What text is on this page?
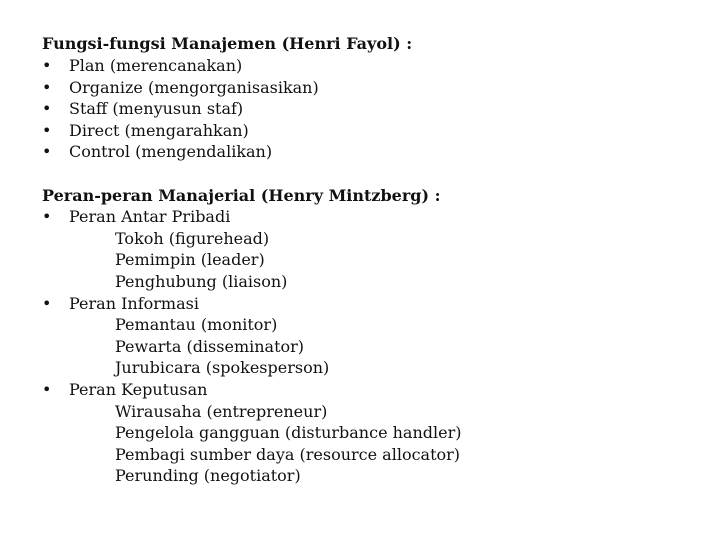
Fungsi-fungsi Manajemen (Henri Fayol) :
• Plan (merencanakan)
• Organize (mengorganisasikan)
• Staff (menyusun staf)
• Direct (mengarahkan)
• Control (mengendalikan)
Peran-peran Manajerial (Henry Mintzberg) :
• Peran Antar Pribadi
Tokoh (figurehead)
Pemimpin (leader)
Penghubung (liaison)
• Peran Informasi
Pemantau (monitor)
Pewarta (disseminator)
Jurubicara (spokesperson)
• Peran Keputusan
Wirausaha (entrepreneur)
Pengelola gangguan (disturbance handler)
Pembagi sumber daya (resource allocator)
Perunding (negotiator)
